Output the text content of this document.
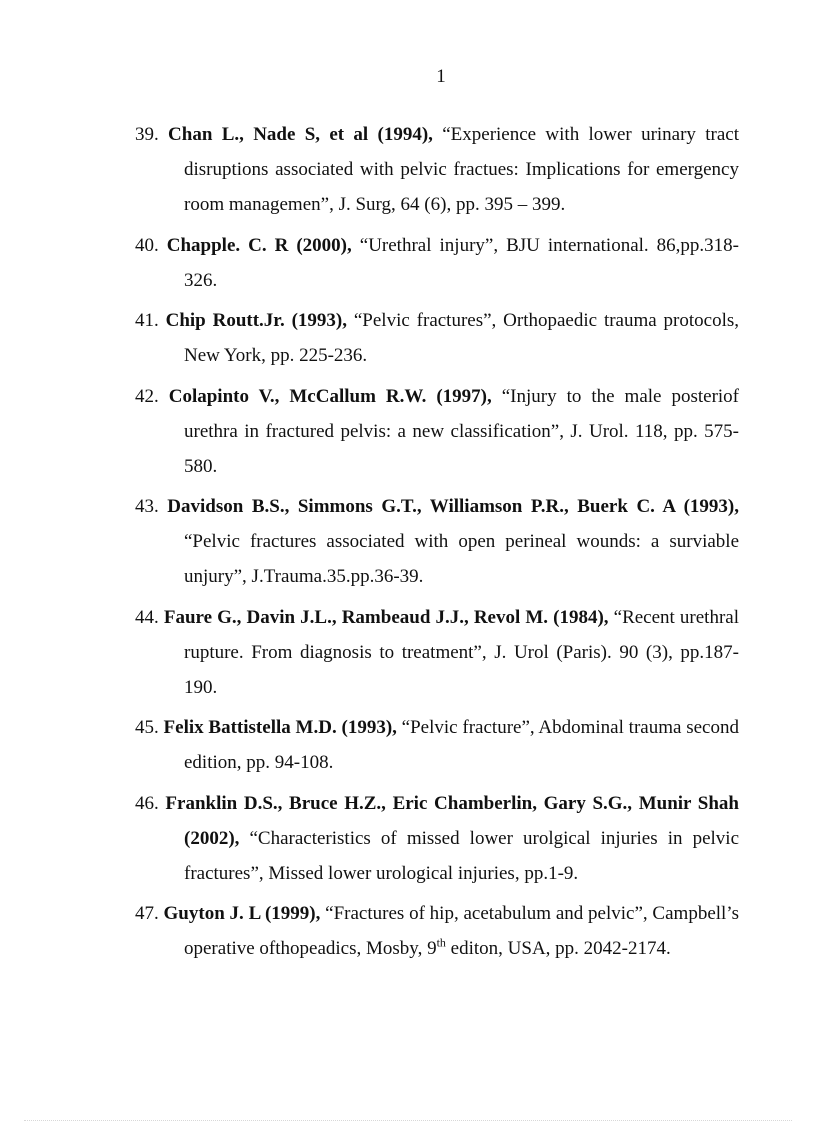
1
39. Chan L., Nade S, et al (1994), “Experience with lower urinary tract disruptions associated with pelvic fractues: Implications for emergency room managemen”, J. Surg, 64 (6), pp. 395 – 399.
40. Chapple. C. R (2000), “Urethral injury”, BJU international. 86,pp.318-326.
41. Chip Routt.Jr. (1993), “Pelvic fractures”, Orthopaedic trauma protocols, New York, pp. 225-236.
42. Colapinto V., McCallum R.W. (1997), “Injury to the male posteriof urethra in fractured pelvis: a new classification”, J. Urol. 118, pp. 575-580.
43. Davidson B.S., Simmons G.T., Williamson P.R., Buerk C. A (1993), “Pelvic fractures associated with open perineal wounds: a surviable unjury”, J.Trauma.35.pp.36-39.
44. Faure G., Davin J.L., Rambeaud J.J., Revol M. (1984), “Recent urethral rupture. From diagnosis to treatment”, J. Urol (Paris). 90 (3), pp.187-190.
45. Felix Battistella M.D. (1993), “Pelvic fracture”, Abdominal trauma second edition, pp. 94-108.
46. Franklin D.S., Bruce H.Z., Eric Chamberlin, Gary S.G., Munir Shah (2002), “Characteristics of missed lower urolgical injuries in pelvic fractures”, Missed lower urological injuries, pp.1-9.
47. Guyton J. L (1999), “Fractures of hip, acetabulum and pelvic”, Campbell’s operative ofthopeadics, Mosby, 9th editon, USA, pp. 2042-2174.
